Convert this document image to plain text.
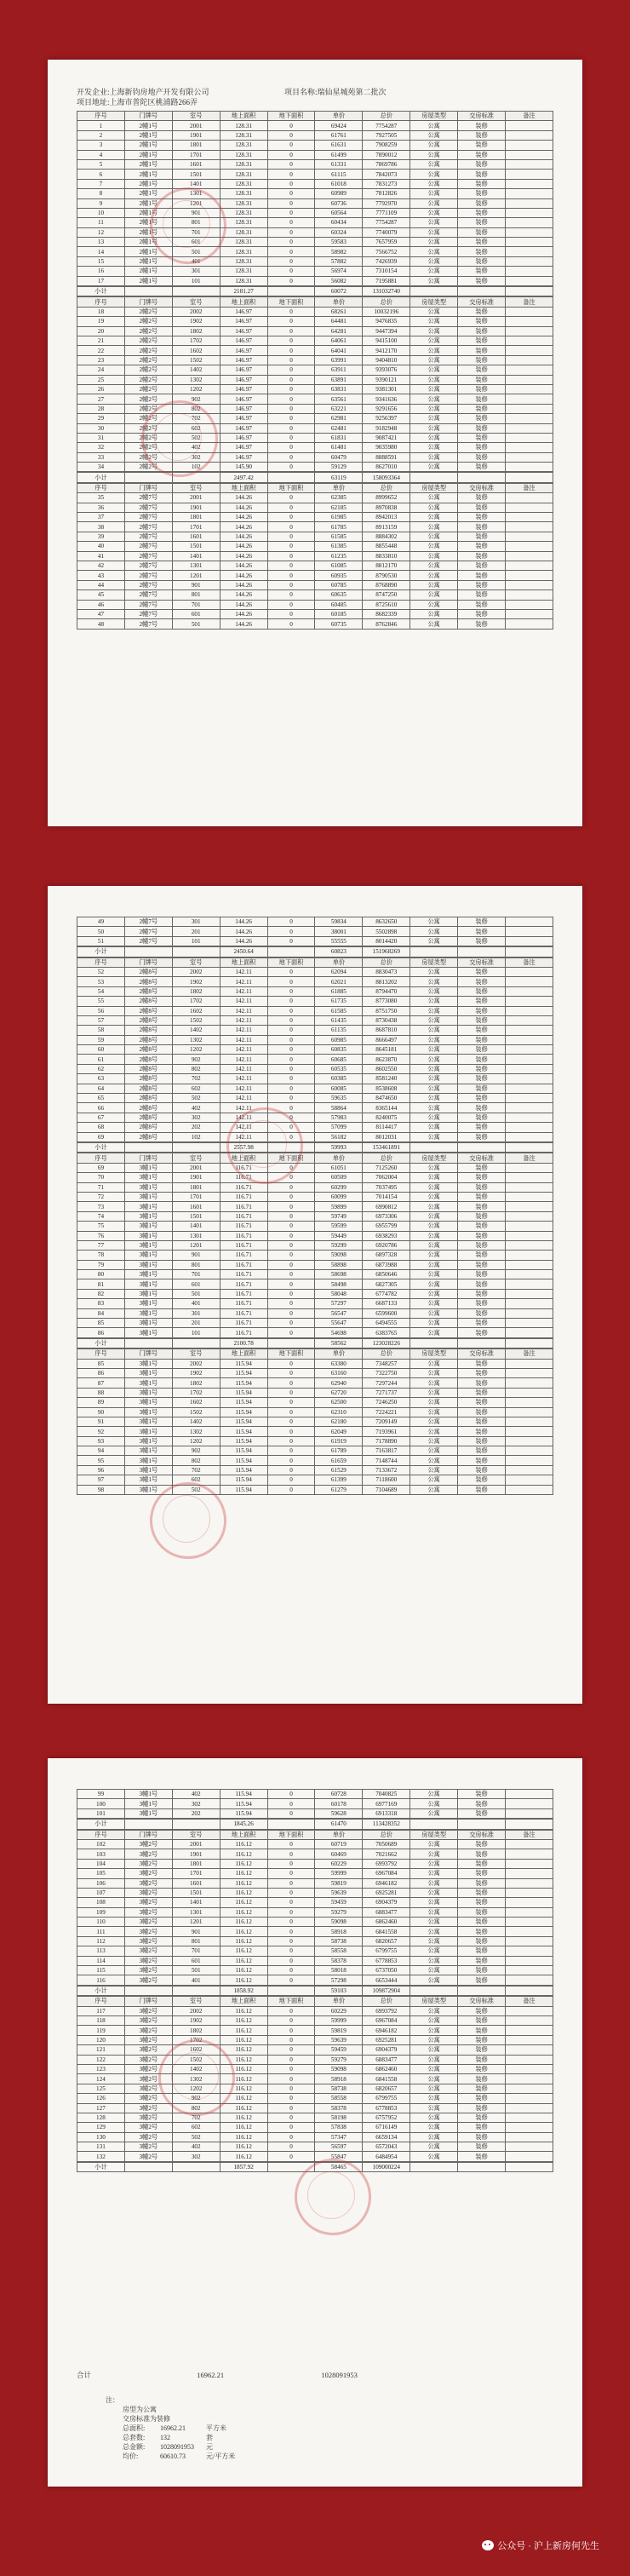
开发企业:上海新钧房地产开发有限公司	项目名称:瑞仙星城苑第二批次
项目地址:上海市普陀区桃浦路266弄
序号	门牌号	室号	地上面积	地下面积	单价	总价	房屋类型	交房标准	备注
1	2幢1号	2001	128.31	0	69424	7754287	公寓	装修	
2	2幢1号	1901	128.31	0	61761	7927505	公寓	装修	
3	2幢1号	1801	128.31	0	61631	7908259	公寓	装修	
4	2幢1号	1701	128.31	0	61499	7890012	公寓	装修	
5	2幢1号	1601	128.31	0	61331	7869786	公寓	装修	
6	2幢1号	1501	128.31	0	61115	7842073	公寓	装修	
7	2幢1号	1401	128.31	0	61018	7831273	公寓	装修	
8	2幢1号	1301	128.31	0	60989	7812826	公寓	装修	
9	2幢1号	1201	128.31	0	60736	7792970	公寓	装修	
10	2幢1号	901	128.31	0	60564	7771109	公寓	装修	
11	2幢1号	801	128.31	0	60434	7754287	公寓	装修	
12	2幢1号	701	128.31	0	60324	7740079	公寓	装修	
13	2幢1号	601	128.31	0	59583	7657959	公寓	装修	
14	2幢1号	501	128.31	0	58982	7566752	公寓	装修	
15	2幢1号	401	128.31	0	57882	7426939	公寓	装修	
16	2幢1号	301	128.31	0	56974	7310154	公寓	装修	
17	2幢1号	101	128.31	0	56082	7195881	公寓	装修	
小计			2181.27		60072	131032740			
序号	门牌号	室号	地上面积	地下面积	单价	总价	房屋类型	交房标准	备注
18	2幢2号	2002	146.97	0	68261	10032196	公寓	装修	
19	2幢2号	1902	146.97	0	64481	9476835	公寓	装修	
20	2幢2号	1802	146.97	0	64281	9447394	公寓	装修	
21	2幢2号	1702	146.97	0	64061	9415100	公寓	装修	
22	2幢2号	1602	146.97	0	64041	9412170	公寓	装修	
23	2幢2号	1502	146.97	0	63991	9404810	公寓	装修	
24	2幢2号	1402	146.97	0	63911	9393076	公寓	装修	
25	2幢2号	1302	146.97	0	63891	9390121	公寓	装修	
26	2幢2号	1202	146.97	0	63831	9381301	公寓	装修	
27	2幢2号	902	146.97	0	63561	9341636	公寓	装修	
28	2幢2号	802	146.97	0	63221	9291656	公寓	装修	
29	2幢2号	702	146.97	0	62981	9256397	公寓	装修	
30	2幢2号	602	146.97	0	62481	9182948	公寓	装修	
31	2幢2号	502	146.97	0	61831	9087421	公寓	装修	
32	2幢2号	402	146.97	0	61481	9035980	公寓	装修	
33	2幢2号	302	146.97	0	60479	8888591	公寓	装修	
34	2幢2号	102	145.90	0	59129	8627010	公寓	装修	
小计			2497.42		63119	158093364			
序号	门牌号	室号	地上面积	地下面积	单价	总价	房屋类型	交房标准	备注
35	2幢7号	2001	144.26	0	62385	8999652	公寓	装修	
36	2幢7号	1901	144.26	0	62185	8970838	公寓	装修	
37	2幢7号	1801	144.26	0	61985	8942013	公寓	装修	
38	2幢7号	1701	144.26	0	61785	8913159	公寓	装修	
39	2幢7号	1601	144.26	0	61585	8884302	公寓	装修	
40	2幢7号	1501	144.26	0	61385	8855448	公寓	装修	
41	2幢7号	1401	144.26	0	61235	8833810	公寓	装修	
42	2幢7号	1301	144.26	0	61085	8812170	公寓	装修	
43	2幢7号	1201	144.26	0	60935	8790530	公寓	装修	
44	2幢7号	901	144.26	0	60785	8768890	公寓	装修	
45	2幢7号	801	144.26	0	60635	8747250	公寓	装修	
46	2幢7号	701	144.26	0	60485	8725610	公寓	装修	
47	2幢7号	601	144.26	0	60185	8682339	公寓	装修	
48	2幢7号	501	144.26	0	60735	8762846	公寓	装修	
49	2幢7号	301	144.26	0	59834	8632650	公寓	装修	
50	2幢7号	201	144.26	0	38001	5502898	公寓	装修	
51	2幢7号	101	144.26	0	55555	8014420	公寓	装修	
小计			2450.64		60823	151968269			
序号	门牌号	室号	地上面积	地下面积	单价	总价	房屋类型	交房标准	备注
52	2幢8号	2002	142.11	0	62094	8830473	公寓	装修	
53	2幢8号	1902	142.11	0	62021	8813202	公寓	装修	
54	2幢8号	1802	142.11	0	61885	8794470	公寓	装修	
55	2幢8号	1702	142.11	0	61735	8773080	公寓	装修	
56	2幢8号	1602	142.11	0	61585	8751750	公寓	装修	
57	2幢8号	1502	142.11	0	61435	8730438	公寓	装修	
58	2幢8号	1402	142.11	0	61135	8687810	公寓	装修	
59	2幢8号	1302	142.11	0	60985	8666497	公寓	装修	
60	2幢8号	1202	142.11	0	60835	8645181	公寓	装修	
61	2幢8号	902	142.11	0	60685	8623870	公寓	装修	
62	2幢8号	802	142.11	0	60535	8602550	公寓	装修	
63	2幢8号	702	142.11	0	60385	8581240	公寓	装修	
64	2幢8号	602	142.11	0	60085	8538608	公寓	装修	
65	2幢8号	502	142.11	0	59635	8474650	公寓	装修	
66	2幢8号	402	142.11	0	58864	8365144	公寓	装修	
67	2幢8号	302	142.11	0	57983	8240075	公寓	装修	
68	2幢8号	202	142.11	0	57099	8114417	公寓	装修	
69	2幢8号	102	142.11	0	56182	8012031	公寓	装修	
小计			2557.98		59993	153461891			
序号	门牌号	室号	地上面积	地下面积	单价	总价	房屋类型	交房标准	备注
69	3幢1号	2001	116.71	0	61051	7125260	公寓	装修	
70	3幢1号	1901	116.71	0	60509	7062004	公寓	装修	
71	3幢1号	1801	116.71	0	60299	7037495	公寓	装修	
72	3幢1号	1701	116.71	0	60099	7014154	公寓	装修	
73	3幢1号	1601	116.71	0	59899	6990812	公寓	装修	
74	3幢1号	1501	116.71	0	59749	6973306	公寓	装修	
75	3幢1号	1401	116.71	0	59599	6955799	公寓	装修	
76	3幢1号	1301	116.71	0	59449	6938293	公寓	装修	
77	3幢1号	1201	116.71	0	59299	6920786	公寓	装修	
78	3幢1号	901	116.71	0	59098	6897328	公寓	装修	
79	3幢1号	801	116.71	0	58898	6873988	公寓	装修	
80	3幢1号	701	116.71	0	58698	6850646	公寓	装修	
81	3幢1号	601	116.71	0	58498	6827305	公寓	装修	
82	3幢1号	501	116.71	0	58048	6774782	公寓	装修	
83	3幢1号	401	116.71	0	57297	6687133	公寓	装修	
84	3幢1号	301	116.71	0	56547	6599600	公寓	装修	
85	3幢1号	201	116.71	0	55647	6494555	公寓	装修	
86	3幢1号	101	116.71	0	54698	6383765	公寓	装修	
小计			2100.78		58562	123028226			
序号	门牌号	室号	地上面积	地下面积	单价	总价	房屋类型	交房标准	备注
85	3幢1号	2002	115.94	0	63380	7348257	公寓	装修	
86	3幢1号	1902	115.94	0	63160	7322750	公寓	装修	
87	3幢1号	1802	115.94	0	62940	7297244	公寓	装修	
88	3幢1号	1702	115.94	0	62720	7271737	公寓	装修	
89	3幢1号	1602	115.94	0	62500	7246250	公寓	装修	
90	3幢1号	1502	115.94	0	62310	7224221	公寓	装修	
91	3幢1号	1402	115.94	0	62180	7209149	公寓	装修	
92	3幢1号	1302	115.94	0	62049	7193961	公寓	装修	
93	3幢1号	1202	115.94	0	61919	7178890	公寓	装修	
94	3幢1号	902	115.94	0	61789	7163817	公寓	装修	
95	3幢1号	802	115.94	0	61659	7148744	公寓	装修	
96	3幢1号	702	115.94	0	61529	7133672	公寓	装修	
97	3幢1号	602	115.94	0	61399	7118600	公寓	装修	
98	3幢1号	502	115.94	0	61279	7104689	公寓	装修	
99	3幢1号	402	115.94	0	60728	7040825	公寓	装修	
100	3幢1号	302	115.94	0	60178	6977169	公寓	装修	
101	3幢1号	202	115.94	0	59628	6913318	公寓	装修	
小计			1845.26		61470	113428352			
序号	门牌号	室号	地上面积	地下面积	单价	总价	房屋类型	交房标准	备注
102	3幢2号	2001	116.12	0	60719	7050689	公寓	装修	
103	3幢2号	1901	116.12	0	60469	7021662	公寓	装修	
104	3幢2号	1801	116.12	0	60229	6993792	公寓	装修	
105	3幢2号	1701	116.12	0	59999	6967084	公寓	装修	
106	3幢2号	1601	116.12	0	59819	6946182	公寓	装修	
107	3幢2号	1501	116.12	0	59639	6925281	公寓	装修	
108	3幢2号	1401	116.12	0	59459	6904379	公寓	装修	
109	3幢2号	1301	116.12	0	59279	6883477	公寓	装修	
110	3幢2号	1201	116.12	0	59098	6862460	公寓	装修	
111	3幢2号	901	116.12	0	58918	6841558	公寓	装修	
112	3幢2号	801	116.12	0	58738	6820657	公寓	装修	
113	3幢2号	701	116.12	0	58558	6799755	公寓	装修	
114	3幢2号	601	116.12	0	58378	6778853	公寓	装修	
115	3幢2号	501	116.12	0	58018	6737050	公寓	装修	
116	3幢2号	401	116.12	0	57298	6653444	公寓	装修	
小计			1858.92		59103	109872904			
序号	门牌号	室号	地上面积	地下面积	单价	总价	房屋类型	交房标准	备注
117	3幢2号	2002	116.12	0	60229	6993792	公寓	装修	
118	3幢2号	1902	116.12	0	59999	6967084	公寓	装修	
119	3幢2号	1802	116.12	0	59819	6946182	公寓	装修	
120	3幢2号	1702	116.12	0	59639	6925281	公寓	装修	
121	3幢2号	1602	116.12	0	59459	6904379	公寓	装修	
122	3幢2号	1502	116.12	0	59279	6883477	公寓	装修	
123	3幢2号	1402	116.12	0	59098	6862460	公寓	装修	
124	3幢2号	1302	116.12	0	58918	6841558	公寓	装修	
125	3幢2号	1202	116.12	0	58738	6820657	公寓	装修	
126	3幢2号	902	116.12	0	58558	6799755	公寓	装修	
127	3幢2号	802	116.12	0	58378	6778853	公寓	装修	
128	3幢2号	702	116.12	0	58198	6757952	公寓	装修	
129	3幢2号	602	116.12	0	57838	6716149	公寓	装修	
130	3幢2号	502	116.12	0	57347	6659134	公寓	装修	
131	3幢2号	402	116.12	0	56597	6572043	公寓	装修	
132	3幢2号	302	116.12	0	55847	6484954	公寓	装修	
小计			1857.92		58465	109000224			
合计	16962.21	1028091953
注：
房型为公寓
交房标准为装修
总面积:	16962.21	平方米
总套数:	132	套
总金额:	1028091953	元
均价:	60610.73	元/平方米
公众号 · 沪上新房何先生
